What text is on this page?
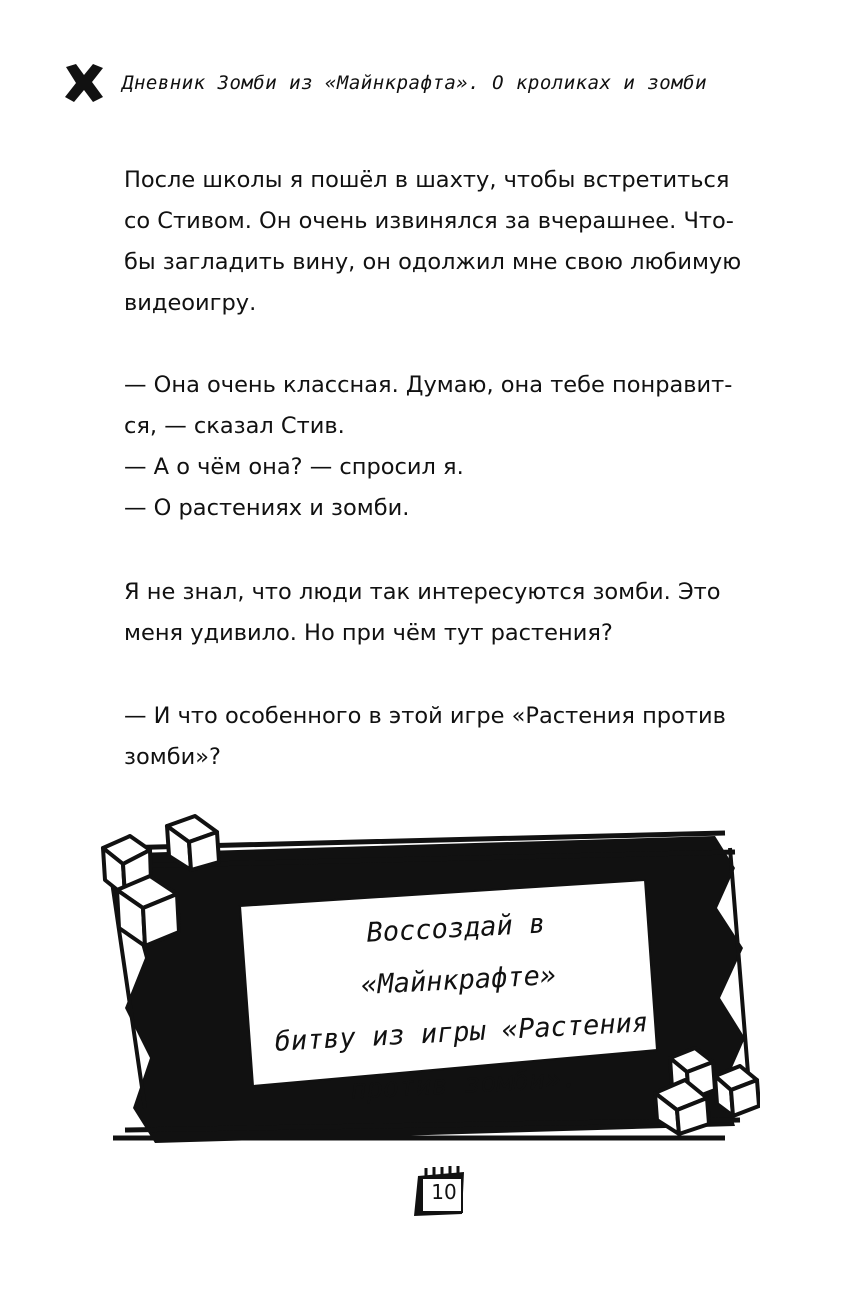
Дневник Зомби из «Майнкрафта». О кроликах и зомби

После школы я пошёл в шахту, чтобы встретиться
со Стивом. Он очень извинялся за вчерашнее. Что-
бы загладить вину, он одолжил мне свою любимую
видеоигру.

— Она очень классная. Думаю, она тебе понравит-
ся, — сказал Стив.
— А о чём она? — спросил я.
— О растениях и зомби.

Я не знал, что люди так интересуются зомби. Это
меня удивило. Но при чём тут растения?

— И что особенного в этой игре «Растения против
зомби»?

Воссоздай в «Майнкрафте»
битву из игры «Растения
против зомби».
10
